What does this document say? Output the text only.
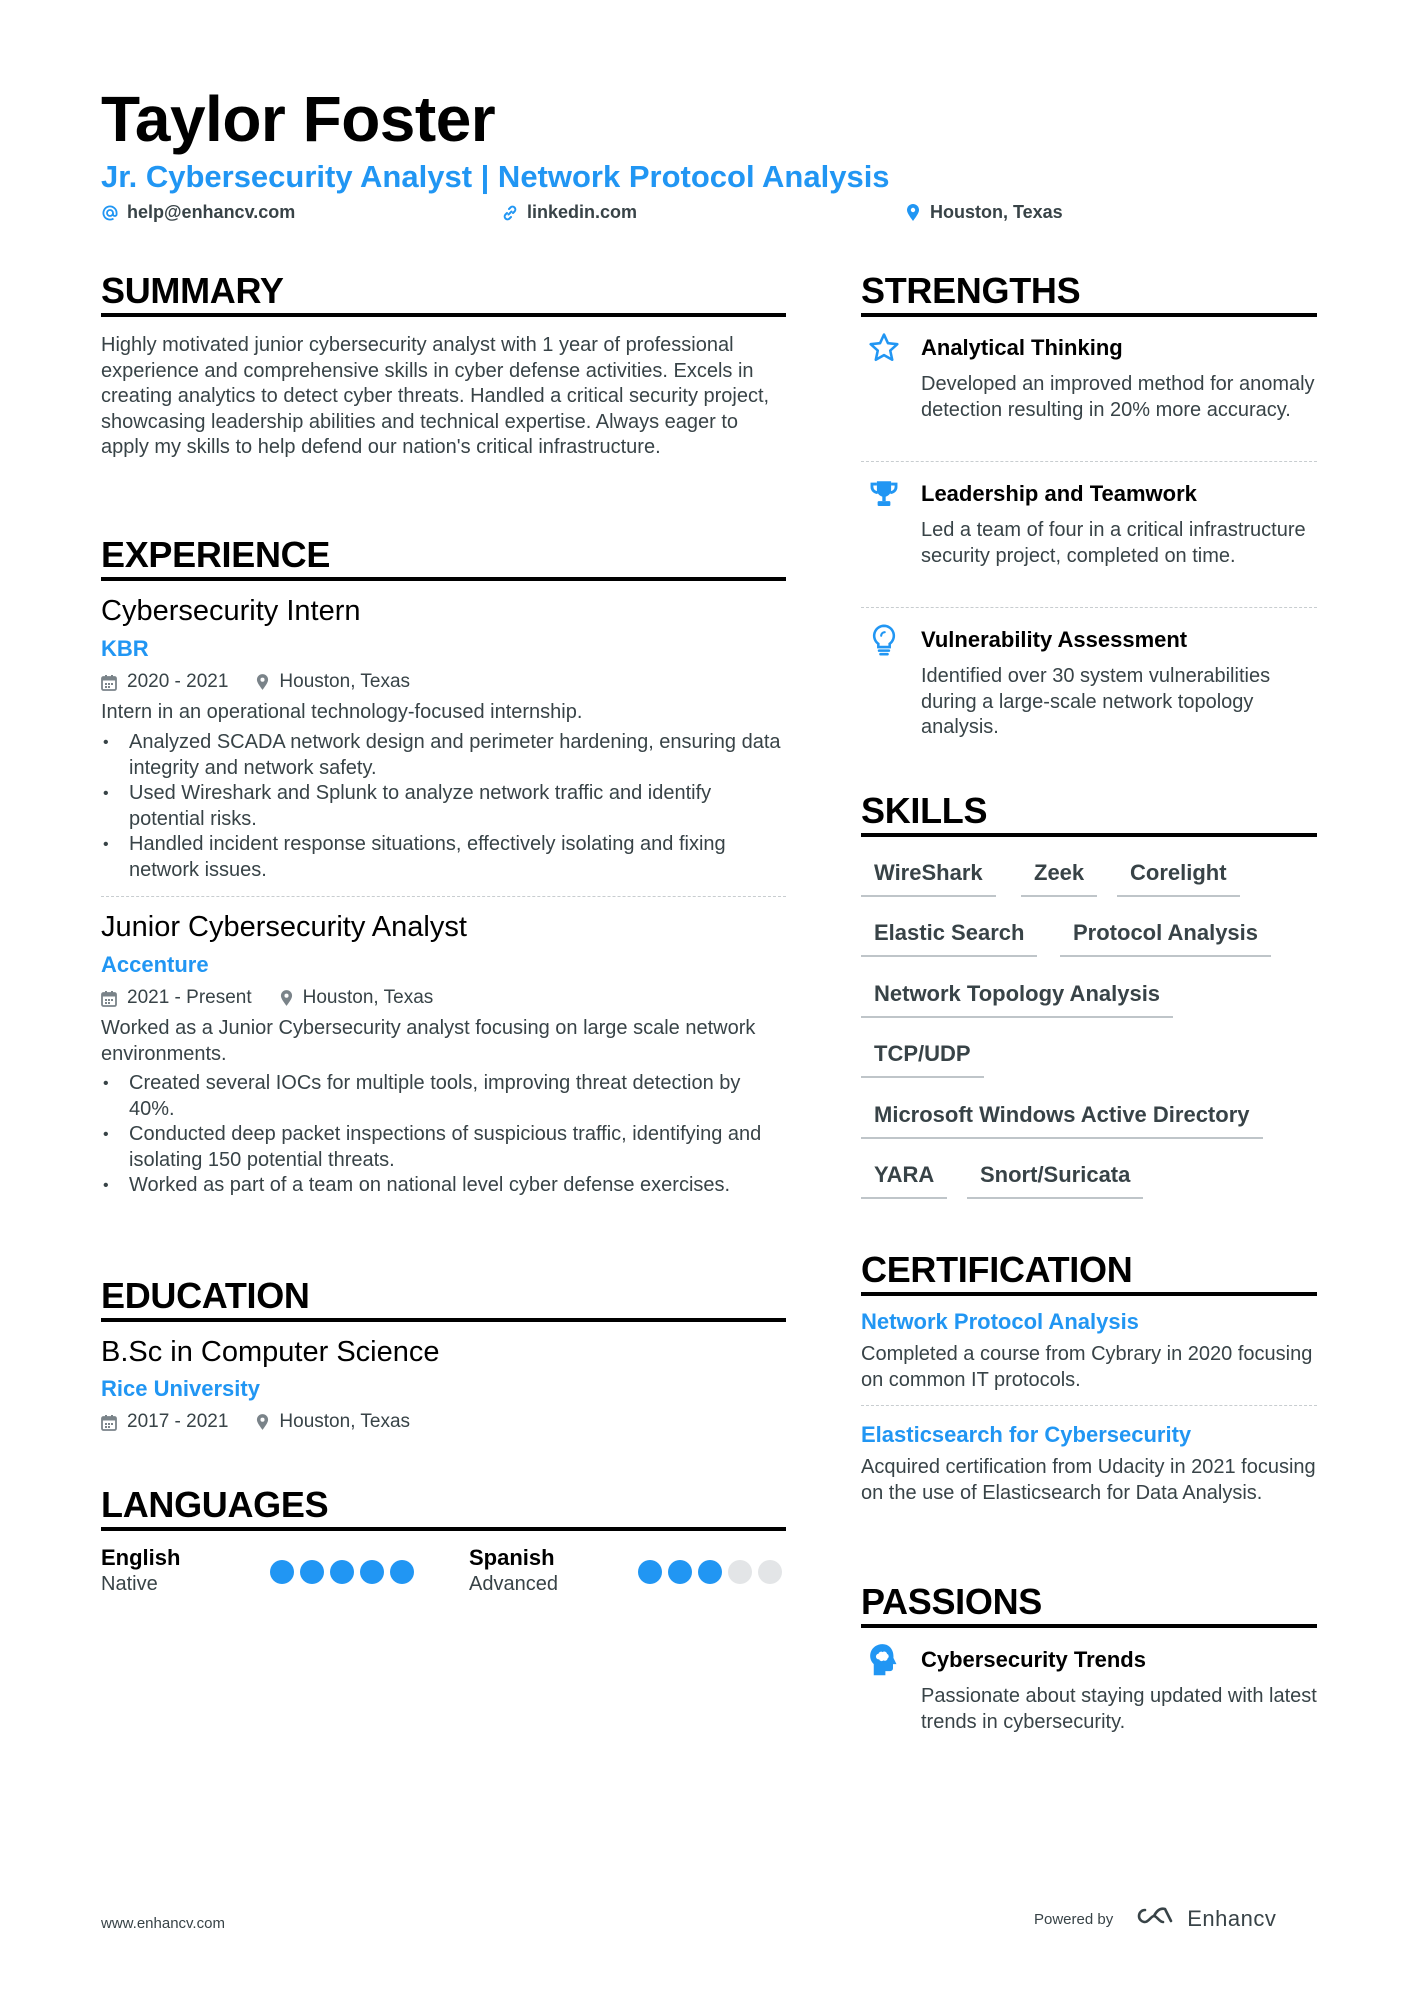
Taylor Foster
Jr. Cybersecurity Analyst | Network Protocol Analysis
help@enhancv.com	linkedin.com	Houston, Texas
SUMMARY
Highly motivated junior cybersecurity analyst with 1 year of professional experience and comprehensive skills in cyber defense activities. Excels in creating analytics to detect cyber threats. Handled a critical security project, showcasing leadership abilities and technical expertise. Always eager to apply my skills to help defend our nation's critical infrastructure.
EXPERIENCE
Cybersecurity Intern
KBR
2020 - 2021	Houston, Texas
Intern in an operational technology-focused internship.
• Analyzed SCADA network design and perimeter hardening, ensuring data integrity and network safety.
• Used Wireshark and Splunk to analyze network traffic and identify potential risks.
• Handled incident response situations, effectively isolating and fixing network issues.
Junior Cybersecurity Analyst
Accenture
2021 - Present	Houston, Texas
Worked as a Junior Cybersecurity analyst focusing on large scale network environments.
• Created several IOCs for multiple tools, improving threat detection by 40%.
• Conducted deep packet inspections of suspicious traffic, identifying and isolating 150 potential threats.
• Worked as part of a team on national level cyber defense exercises.
EDUCATION
B.Sc in Computer Science
Rice University
2017 - 2021	Houston, Texas
LANGUAGES
English
Native
Spanish
Advanced
STRENGTHS
Analytical Thinking
Developed an improved method for anomaly detection resulting in 20% more accuracy.
Leadership and Teamwork
Led a team of four in a critical infrastructure security project, completed on time.
Vulnerability Assessment
Identified over 30 system vulnerabilities during a large-scale network topology analysis.
SKILLS
WireShark	Zeek	Corelight
Elastic Search	Protocol Analysis
Network Topology Analysis
TCP/UDP
Microsoft Windows Active Directory
YARA	Snort/Suricata
CERTIFICATION
Network Protocol Analysis
Completed a course from Cybrary in 2020 focusing on common IT protocols.
Elasticsearch for Cybersecurity
Acquired certification from Udacity in 2021 focusing on the use of Elasticsearch for Data Analysis.
PASSIONS
Cybersecurity Trends
Passionate about staying updated with latest trends in cybersecurity.
www.enhancv.com	Powered by	Enhancv
